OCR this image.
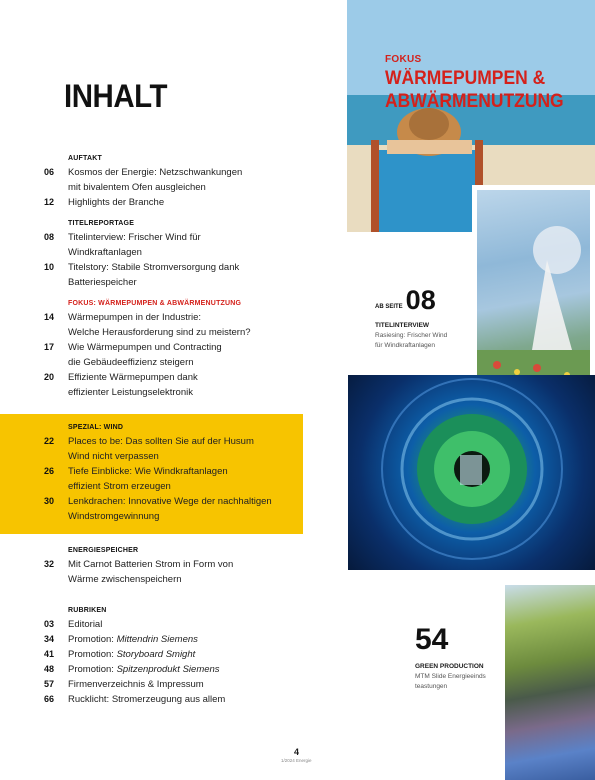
INHALT
FOKUS
WÄRMEPUMPEN &
ABWÄRMENUTZUNG
AUFTAKT
06	Kosmos der Energie: Netzschwankungen
mit bivalentem Ofen ausgleichen
12	Highlights der Branche
TITELREPORTAGE
08	Titelinterview: Frischer Wind für
Windkraftanlagen
10	Titelstory: Stabile Stromversorgung dank
Batteriespeicher
FOKUS: WÄRMEPUMPEN & ABWÄRMENUTZUNG
14	Wärmepumpen in der Industrie:
Welche Herausforderung sind zu meistern?
17	Wie Wärmepumpen und Contracting
die Gebäudeeffizienz steigern
20	Effiziente Wärmepumpen dank
effizienter Leistungselektronik
SPEZIAL: WIND
22	Places to be: Das sollten Sie auf der Husum
Wind nicht verpassen
26	Tiefe Einblicke: Wie Windkraftanlagen
effizient Strom erzeugen
30	Lenkdrachen: Innovative Wege der nachhaltigen
Windstromgewinnung
ENERGIESPEICHER
32	Mit Carnot Batterien Strom in Form von
Wärme zwischenspeichern
RUBRIKEN
03	Editorial
34	Promotion: Mittendrin Siemens
41	Promotion: Storyboard Smight
48	Promotion: Spitzenprodukt Siemens
57	Firmenverzeichnis & Impressum
66	Rucklicht: Stromerzeugung aus allem
AB SEITE 08
TITELINTERVIEW
Rasiesing: Frischer Wind
für Windkraftanlagen
54
GREEN PRODUCTION
MTM Slide Energieeinds
teastungen
4
1/2024 Energie
